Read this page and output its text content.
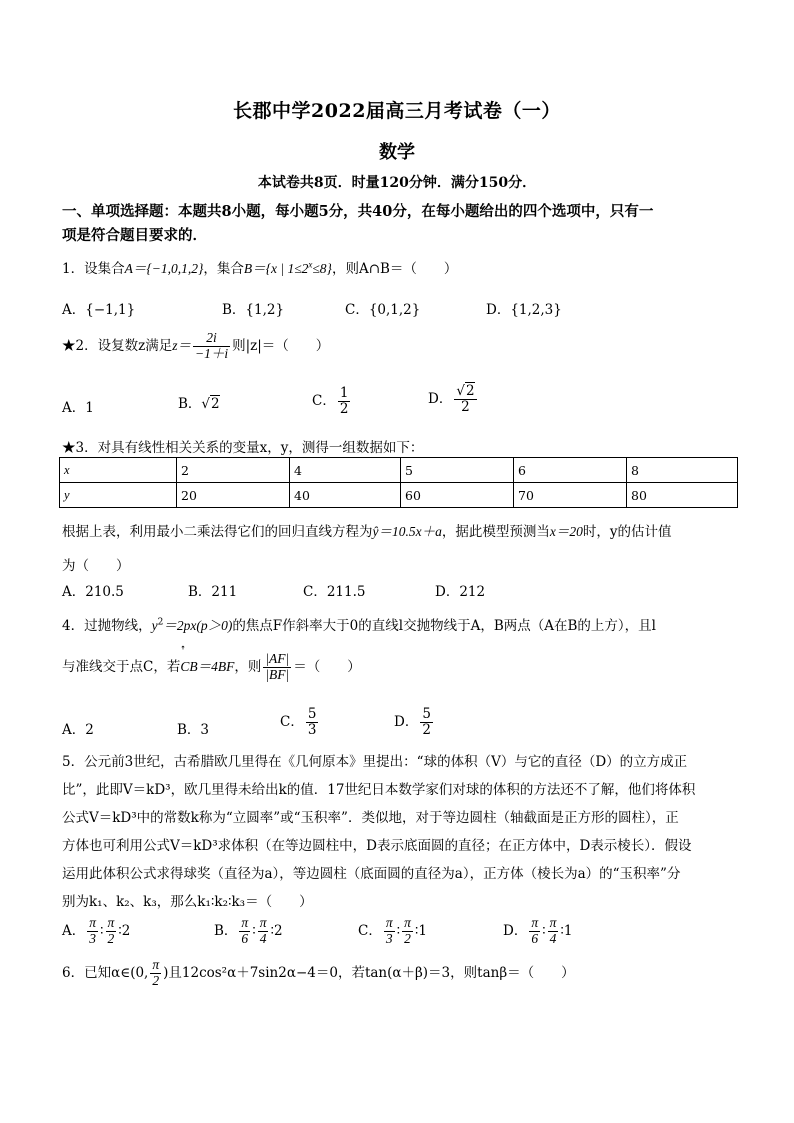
长郡中学2022届高三月考试卷（一）
数学
本试卷共8页．时量120分钟．满分150分．
一、单项选择题：本题共8小题，每小题5分，共40分，在每小题给出的四个选项中，只有一
项是符合题目要求的．
1．设集合A＝{−1,0,1,2}，集合B＝{x | $1\le 2^x\le 8$}，则A∩B＝（　　）
A．{−1,1}	B．{1,2}	C．{0,1,2}	D．{1,2,3}
★2．设复数z满足$z= \frac{2i}{-1+i}$ 则|z|＝（　　）
A．1	B．√2	C． $\frac{1}{2}$	D． $\frac{√2}{2}$
★3．对具有线性相关关系的变量x，y，测得一组数据如下：
x	2	4	5	6	8
y	20	40	60	70	80
根据上表，利用最小二乘法得它们的回归直线方程为ŷ＝10.5x＋a，据此模型预测当x＝20时，y的估计值
为（　　）
A．210.5	B．211	C．211.5	D．212
4．过抛物线，$y^2=2px(p>0)$的焦点F作斜率大于0的直线l交抛物线于A，B两点（A在B的上方），且l
与准线交于点C，若
ꜛ
CB＝4BF，则 $\frac{|AF|}{|BF|}$ ＝（　　）
A．2	B．3
C． $\frac{5}{3}$	D． $\frac{5}{2}$
5．公元前3世纪，古希腊欧几里得在《几何原本》里提出：“球的体积（V）与它的直径（D）的立方成正
比”，此即V＝kD³，欧几里得未给出k的值．17世纪日本数学家们对球的体积的方法还不了解，他们将体积
公式V＝kD³中的常数k称为“立圆率”或“玉积率”．类似地，对于等边圆柱（轴截面是正方形的圆柱），正
方体也可利用公式V＝kD³求体积（在等边圆柱中，D表示底面圆的直径；在正方体中，D表示棱长）．假设
运用此体积公式求得球奖（直径为a），等边圆柱（底面圆的直径为a），正方体（棱长为a）的“玉积率”分
别为k₁、k₂、k₃，那么k₁∶k₂∶k₃＝（　　）
A． $\frac{\pi}{3}$ ∶ $\frac{\pi}{2}$ ∶2	B． $\frac{\pi}{6}$ ∶ $\frac{\pi}{4}$ ∶2	C． $\frac{\pi}{3}$ ∶ $\frac{\pi}{2}$ ∶1	D． $\frac{\pi}{6}$ ∶ $\frac{\pi}{4}$ ∶1
6．已知α∈(0, $\frac{\pi}{2}$ )且12cos²α＋7sin2α−4＝0，若tan(α＋β)＝3，则tanβ＝（　　）
